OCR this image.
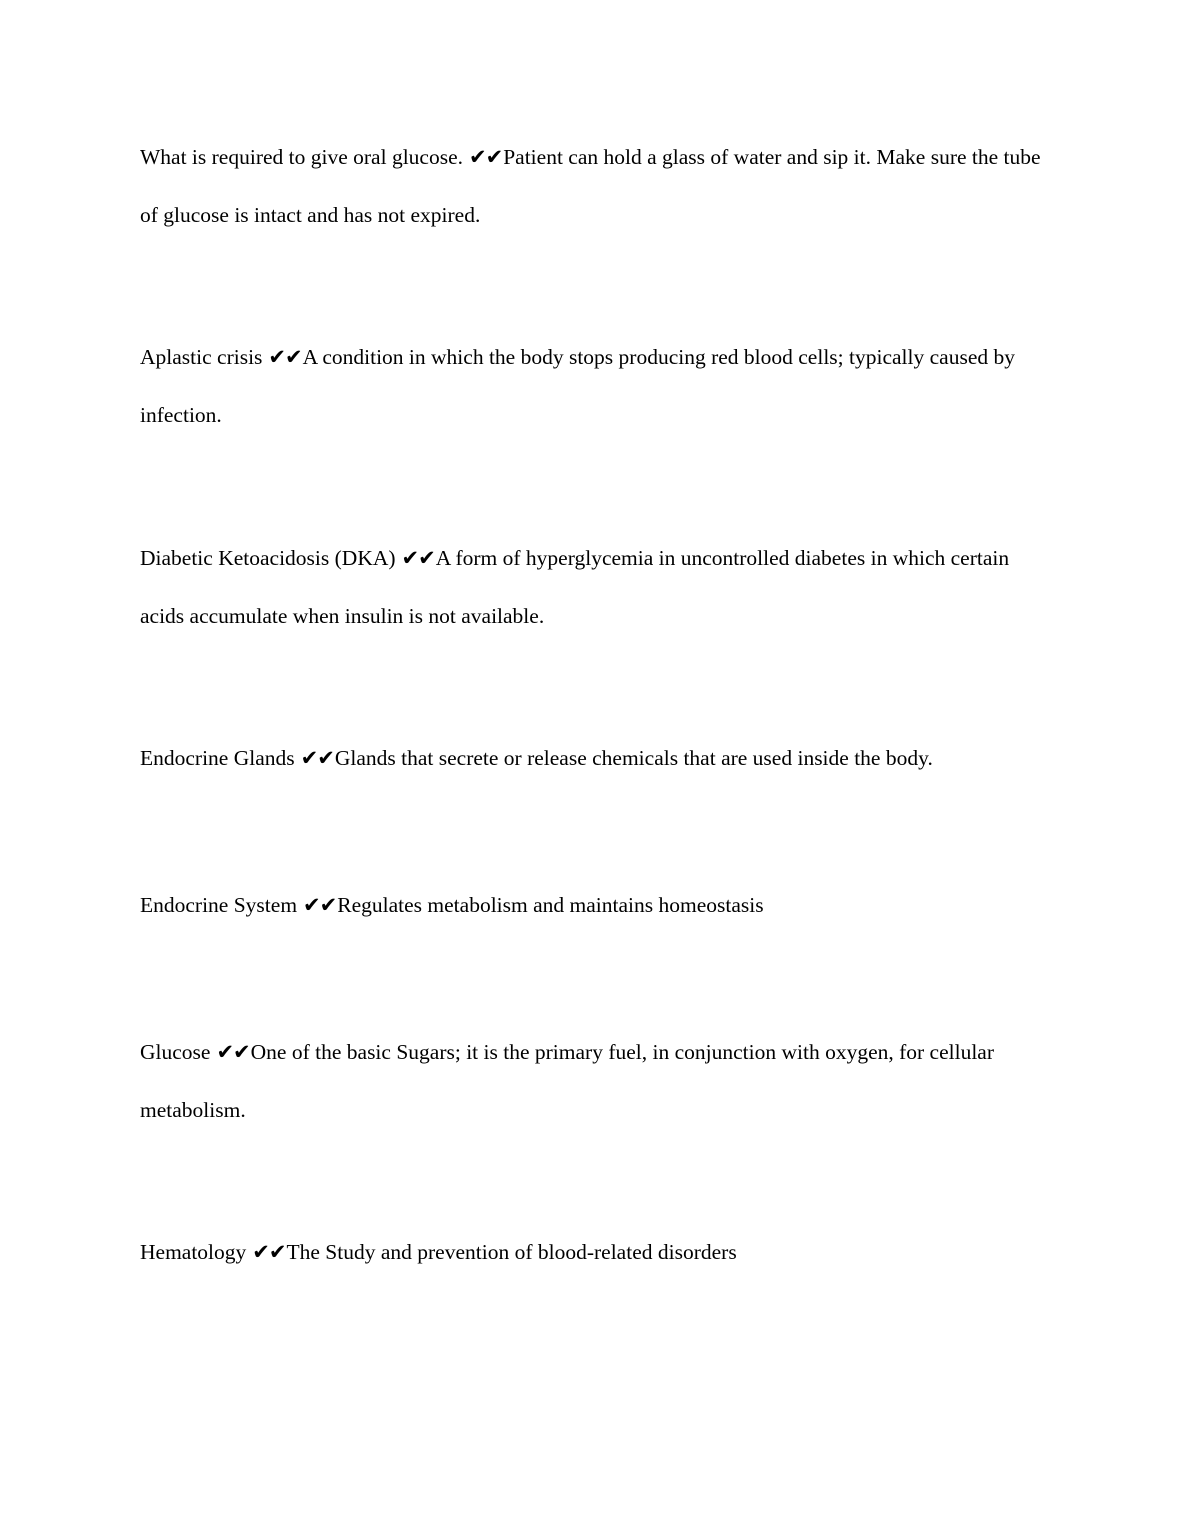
What is required to give oral glucose. ✔✔Patient can hold a glass of water and sip it. Make sure the tube of glucose is intact and has not expired.

Aplastic crisis ✔✔A condition in which the body stops producing red blood cells; typically caused by infection.

Diabetic Ketoacidosis (DKA) ✔✔A form of hyperglycemia in uncontrolled diabetes in which certain acids accumulate when insulin is not available.

Endocrine Glands ✔✔Glands that secrete or release chemicals that are used inside the body.

Endocrine System ✔✔Regulates metabolism and maintains homeostasis

Glucose ✔✔One of the basic Sugars; it is the primary fuel, in conjunction with oxygen, for cellular metabolism.

Hematology ✔✔The Study and prevention of blood-related disorders
